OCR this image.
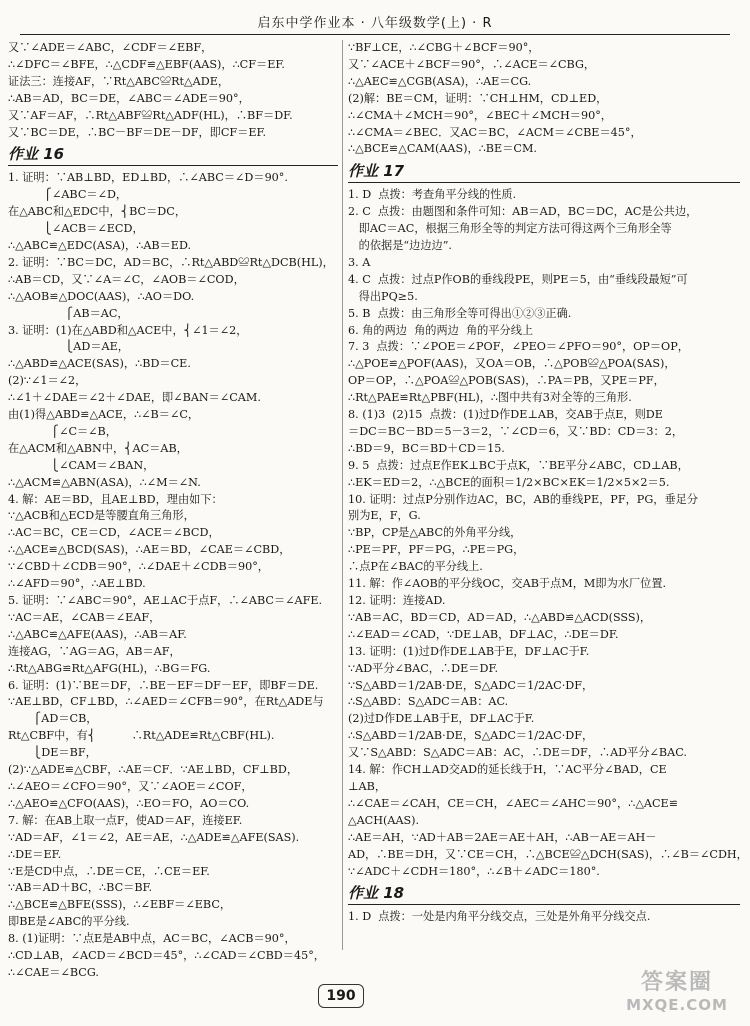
启东中学作业本 · 八年级数学(上) · R
又∵∠ADE＝∠ABC，∠CDF＝∠EBF，
∴∠DFC＝∠BFE，∴△CDF≌△EBF(AAS)，∴CF＝EF.
证法三：连接AF，∵Rt△ABC≌Rt△ADE，
∴AB＝AD，BC＝DE，∠ABC＝∠ADE＝90°，
又∵AF＝AF，∴Rt△ABF≌Rt△ADF(HL)，∴BF＝DF.
又∵BC＝DE，∴BC－BF＝DE－DF，即CF＝EF.
作业 16
1. 证明：∵AB⊥BD，ED⊥BD，∴∠ABC＝∠D＝90°.
⎧∠ABC＝∠D，
在△ABC和△EDC中，⎨BC＝DC，
⎩∠ACB＝∠ECD，
∴△ABC≌△EDC(ASA)，∴AB＝ED.
2. 证明：∵BC＝DC，AD＝BC，∴Rt△ABD≌Rt△DCB(HL)，
∴AB＝CD，又∵∠A＝∠C，∠AOB＝∠COD，
∴△AOB≌△DOC(AAS)，∴AO＝DO.
⎧AB＝AC，
3. 证明：(1)在△ABD和△ACE中，⎨∠1＝∠2，
⎩AD＝AE，
∴△ABD≌△ACE(SAS)，∴BD＝CE.
(2)∵∠1＝∠2，
∴∠1＋∠DAE＝∠2＋∠DAE，即∠BAN＝∠CAM.
由(1)得△ABD≌△ACE，∴∠B＝∠C，
⎧∠C＝∠B，
在△ACM和△ABN中，⎨AC＝AB，
⎩∠CAM＝∠BAN，
∴△ACM≌△ABN(ASA)，∴∠M＝∠N.
4. 解：AE＝BD，且AE⊥BD，理由如下：
∵△ACB和△ECD是等腰直角三角形，
∴AC＝BC，CE＝CD，∠ACE＝∠BCD，
∴△ACE≌△BCD(SAS)，∴AE＝BD，∠CAE＝∠CBD，
∵∠CBD＋∠CDB＝90°，∴∠DAE＋∠CDB＝90°，
∴∠AFD＝90°，∴AE⊥BD.
5. 证明：∵∠ABC＝90°，AE⊥AC于点F，∴∠ABC＝∠AFE.
∵AC＝AE，∠CAB＝∠EAF，
∴△ABC≌△AFE(AAS)，∴AB＝AF.
连接AG，∵AG＝AG，AB＝AF，
∴Rt△ABG≌Rt△AFG(HL)，∴BG＝FG.
6. 证明：(1)∵BE＝DF，∴BE－EF＝DF－EF，即BF＝DE.
∵AE⊥BD，CF⊥BD，∴∠AED＝∠CFB＝90°，在Rt△ADE与
⎧AD＝CB，
Rt△CBF中，有⎨          ∴Rt△ADE≌Rt△CBF(HL).
⎩DE＝BF，
(2)∵△ADE≌△CBF，∴AE＝CF．∵AE⊥BD，CF⊥BD，
∴∠AEO＝∠CFO＝90°，又∵∠AOE＝∠COF，
∴△AEO≌△CFO(AAS)，∴EO＝FO，AO＝CO.
7. 解：在AB上取一点F，使AD＝AF，连接EF.
∵AD＝AF，∠1＝∠2，AE＝AE，∴△ADE≌△AFE(SAS).
∴DE＝EF.
∵E是CD中点，∴DE＝CE，∴CE＝EF.
∵AB＝AD＋BC，∴BC＝BF.
∴△BCE≌△BFE(SSS)，∴∠EBF＝∠EBC，
即BE是∠ABC的平分线.
8. (1)证明：∵点E是AB中点，AC＝BC，∠ACB＝90°，
∴CD⊥AB，∠ACD＝∠BCD＝45°，∴∠CAD＝∠CBD＝45°，
∴∠CAE＝∠BCG.
∵BF⊥CE，∴∠CBG＋∠BCF＝90°，
又∵∠ACE＋∠BCF＝90°，∴∠ACE＝∠CBG，
∴△AEC≌△CGB(ASA)，∴AE＝CG.
(2)解：BE＝CM，证明：∵CH⊥HM，CD⊥ED，
∴∠CMA＋∠MCH＝90°，∠BEC＋∠MCH＝90°，
∴∠CMA＝∠BEC．又AC＝BC，∠ACM＝∠CBE＝45°，
∴△BCE≌△CAM(AAS)，∴BE＝CM.
作业 17
1. D  点拨：考查角平分线的性质.
2. C  点拨：由题图和条件可知：AB＝AD，BC＝DC，AC是公共边，
即AC＝AC，根据三角形全等的判定方法可得这两个三角形全等
的依据是“边边边”.
3. A
4. C  点拨：过点P作OB的垂线段PE，则PE＝5，由“垂线段最短”可
得出PQ≥5.
5. B  点拨：由三角形全等可得出①②③正确.
6. 角的两边  角的两边  角的平分线上
7. 3  点拨：∵∠POE＝∠POF，∠PEO＝∠PFO＝90°，OP＝OP，
∴△POE≌△POF(AAS)，又OA＝OB，∴△POB≌△POA(SAS)，
OP＝OP，∴△POA≌△POB(SAS)，∴PA＝PB，又PE＝PF，
∴Rt△PAE≌Rt△PBF(HL)，∴图中共有3对全等的三角形.
8. (1)3  (2)15  点拨：(1)过D作DE⊥AB，交AB于点E，则DE
＝DC＝BC－BD＝5－3＝2，∵∠CD＝6，又∵BD：CD＝3：2，
∴BD＝9，BC＝BD＋CD＝15.
9. 5  点拨：过点E作EK⊥BC于点K，∵BE平分∠ABC，CD⊥AB，
∴EK＝ED＝2，∴△BCE的面积＝1/2×BC×EK＝1/2×5×2＝5.
10. 证明：过点P分别作边AC，BC，AB的垂线PE，PF，PG，垂足分
别为E，F，G.
∵BP，CP是△ABC的外角平分线，
∴PE＝PF，PF＝PG，∴PE＝PG，
∴点P在∠BAC的平分线上.
11. 解：作∠AOB的平分线OC，交AB于点M，M即为水厂位置.
12. 证明：连接AD.
∵AB＝AC，BD＝CD，AD＝AD，∴△ABD≌△ACD(SSS)，
∴∠EAD＝∠CAD，∵DE⊥AB，DF⊥AC，∴DE＝DF.
13. 证明：(1)过D作DE⊥AB于E，DF⊥AC于F.
∵AD平分∠BAC，∴DE＝DF.
∵S△ABD＝1/2AB·DE，S△ADC＝1/2AC·DF，
∴S△ABD：S△ADC＝AB：AC.
(2)过D作DE⊥AB于E，DF⊥AC于F.
∴S△ABD＝1/2AB·DE，S△ADC＝1/2AC·DF，
又∵S△ABD：S△ADC＝AB：AC，∴DE＝DF，∴AD平分∠BAC.
14. 解：作CH⊥AD交AD的延长线于H，∵AC平分∠BAD，CE
⊥AB，
∴∠CAE＝∠CAH，CE＝CH，∠AEC＝∠AHC＝90°，∴△ACE≌
△ACH(AAS).
∴AE＝AH，∵AD＋AB＝2AE＝AE＋AH，∴AB－AE＝AH－
AD，∴BE＝DH，又∵CE＝CH，∴△BCE≌△DCH(SAS)，∴∠B＝∠CDH，
∵∠ADC＋∠CDH＝180°，∴∠B＋∠ADC＝180°.
作业 18
1. D  点拨：一处是内角平分线交点，三处是外角平分线交点.
190
答案圈
MXQE.COM
